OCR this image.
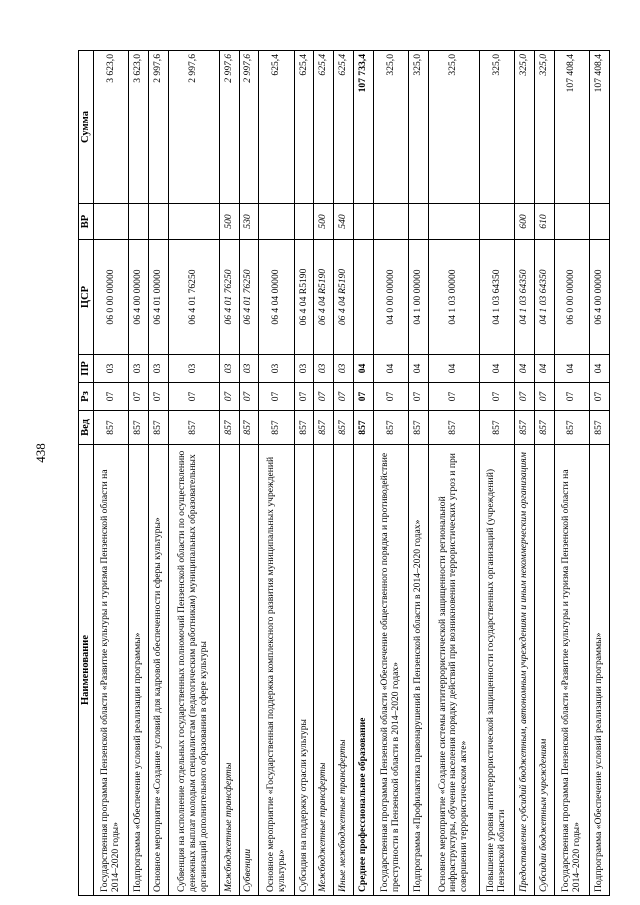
438
Наименование	Вед	Рз	ПР	ЦСР	ВР	Сумма
Государственная программа Пензенской области «Развитие культуры и туризма Пензенской области на 2014–2020 годы»	857	07	03	06 0 00 00000		3 623,0
Подпрограмма «Обеспечение условий реализации программы»	857	07	03	06 4 00 00000		3 623,0
Основное мероприятие «Создание условий для кадровой обеспеченности сферы культуры»	857	07	03	06 4 01 00000		2 997,6
Субвенция на исполнение отдельных государственных полномочий Пензенской области по осуществлению денежных выплат молодым специалистам (педагогическим работникам) муниципальных образовательных организаций дополнительного образования в сфере культуры	857	07	03	06 4 01 76250		2 997,6
Межбюджетные трансферты	857	07	03	06 4 01 76250	500	2 997,6
Субвенции	857	07	03	06 4 01 76250	530	2 997,6
Основное мероприятие «Государственная поддержка комплексного развития муниципальных учреждений культуры»	857	07	03	06 4 04 00000		625,4
Субсидия на поддержку отрасли культуры	857	07	03	06 4 04 R5190		625,4
Межбюджетные трансферты	857	07	03	06 4 04 R5190	500	625,4
Иные межбюджетные трансферты	857	07	03	06 4 04 R5190	540	625,4
Среднее профессиональное образование	857	07	04			107 733,4
Государственная программа Пензенской области «Обеспечение общественного порядка и противодействие преступности в Пензенской области в 2014–2020 годах»	857	07	04	04 0 00 00000		325,0
Подпрограмма «Профилактика правонарушений в Пензенской области в 2014–2020 годах»	857	07	04	04 1 00 00000		325,0
Основное мероприятие «Создание системы антитеррористической защищенности региональной инфраструктуры, обучение населения порядку действий при возникновении террористических угроз и при совершении террористическом акте»	857	07	04	04 1 03 00000		325,0
Повышение уровня антитеррористической защищенности государственных организаций (учреждений) Пензенской области	857	07	04	04 1 03 64350		325,0
Предоставление субсидий бюджетным, автономным учреждениям и иным некоммерческим организациям	857	07	04	04 1 03 64350	600	325,0
Субсидии бюджетным учреждениям	857	07	04	04 1 03 64350	610	325,0
Государственная программа Пензенской области «Развитие культуры и туризма Пензенской области на 2014–2020 годы»	857	07	04	06 0 00 00000		107 408,4
Подпрограмма «Обеспечение условий реализации программы»	857	07	04	06 4 00 00000		107 408,4
